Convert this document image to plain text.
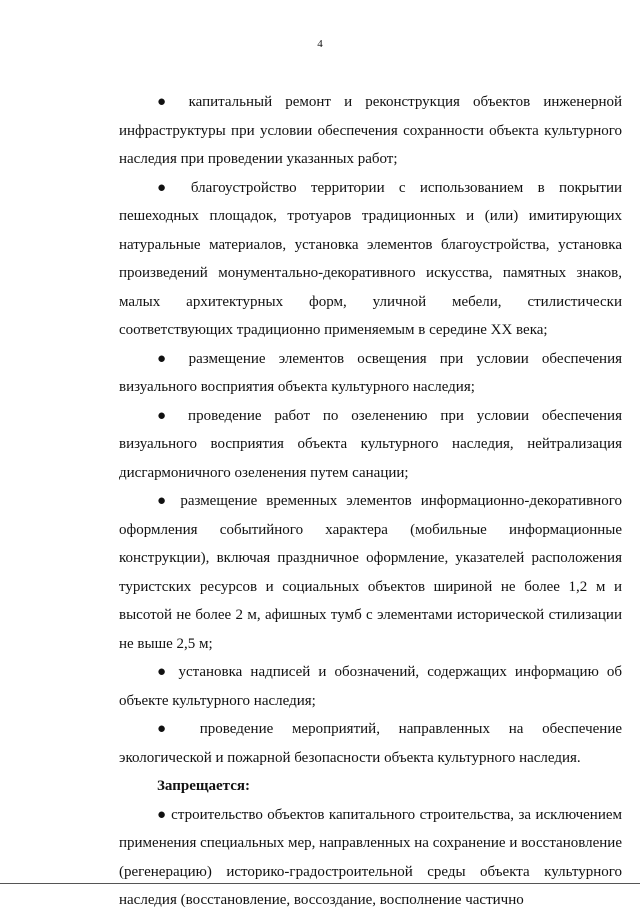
4

● капитальный ремонт и реконструкция объектов инженерной инфраструктуры при условии обеспечения сохранности объекта культурного наследия при проведении указанных работ;

● благоустройство территории с использованием в покрытии пешеходных площадок, тротуаров традиционных и (или) имитирующих натуральные материалов, установка элементов благоустройства, установка произведений монументально-декоративного искусства, памятных знаков, малых архитектурных форм, уличной мебели, стилистически соответствующих традиционно применяемым в середине XX века;

● размещение элементов освещения при условии обеспечения визуального восприятия объекта культурного наследия;

● проведение работ по озеленению при условии обеспечения визуального восприятия объекта культурного наследия, нейтрализация дисгармоничного озеленения путем санации;

● размещение временных элементов информационно-декоративного оформления событийного характера (мобильные информационные конструкции), включая праздничное оформление, указателей расположения туристских ресурсов и социальных объектов шириной не более 1,2 м и высотой не более 2 м, афишных тумб с элементами исторической стилизации не выше 2,5 м;

● установка надписей и обозначений, содержащих информацию об объекте культурного наследия;

● проведение мероприятий, направленных на обеспечение экологической и пожарной безопасности объекта культурного наследия.

Запрещается:

● строительство объектов капитального строительства, за исключением применения специальных мер, направленных на сохранение и восстановление (регенерацию) историко-градостроительной среды объекта культурного наследия (восстановление, воссоздание, восполнение частично
